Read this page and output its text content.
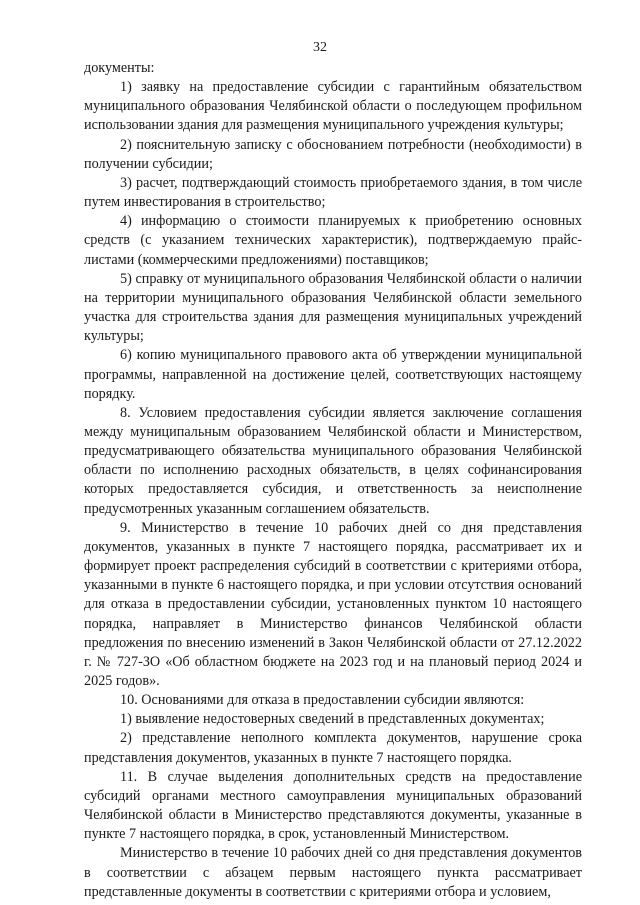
32

документы:

1) заявку на предоставление субсидии с гарантийным обязательством муниципального образования Челябинской области о последующем профильном использовании здания для размещения муниципального учреждения культуры;

2) пояснительную записку с обоснованием потребности (необходимости) в получении субсидии;

3) расчет, подтверждающий стоимость приобретаемого здания, в том числе путем инвестирования в строительство;

4) информацию о стоимости планируемых к приобретению основных средств (с указанием технических характеристик), подтверждаемую прайс-листами (коммерческими предложениями) поставщиков;

5) справку от муниципального образования Челябинской области о наличии на территории муниципального образования Челябинской области земельного участка для строительства здания для размещения муниципальных учреждений культуры;

6) копию муниципального правового акта об утверждении муниципальной программы, направленной на достижение целей, соответствующих настоящему порядку.

8. Условием предоставления субсидии является заключение соглашения между муниципальным образованием Челябинской области и Министерством, предусматривающего обязательства муниципального образования Челябинской области по исполнению расходных обязательств, в целях софинансирования которых предоставляется субсидия, и ответственность за неисполнение предусмотренных указанным соглашением обязательств.

9. Министерство в течение 10 рабочих дней со дня представления документов, указанных в пункте 7 настоящего порядка, рассматривает их и формирует проект распределения субсидий в соответствии с критериями отбора, указанными в пункте 6 настоящего порядка, и при условии отсутствия оснований для отказа в предоставлении субсидии, установленных пунктом 10 настоящего порядка, направляет в Министерство финансов Челябинской области предложения по внесению изменений в Закон Челябинской области от 27.12.2022 г. № 727-ЗО «Об областном бюджете на 2023 год и на плановый период 2024 и 2025 годов».

10. Основаниями для отказа в предоставлении субсидии являются:

1) выявление недостоверных сведений в представленных документах;

2) представление неполного комплекта документов, нарушение срока представления документов, указанных в пункте 7 настоящего порядка.

11. В случае выделения дополнительных средств на предоставление субсидий органами местного самоуправления муниципальных образований Челябинской области в Министерство представляются документы, указанные в пункте 7 настоящего порядка, в срок, установленный Министерством.

Министерство в течение 10 рабочих дней со дня представления документов в соответствии с абзацем первым настоящего пункта рассматривает представленные документы в соответствии с критериями отбора и условием,
